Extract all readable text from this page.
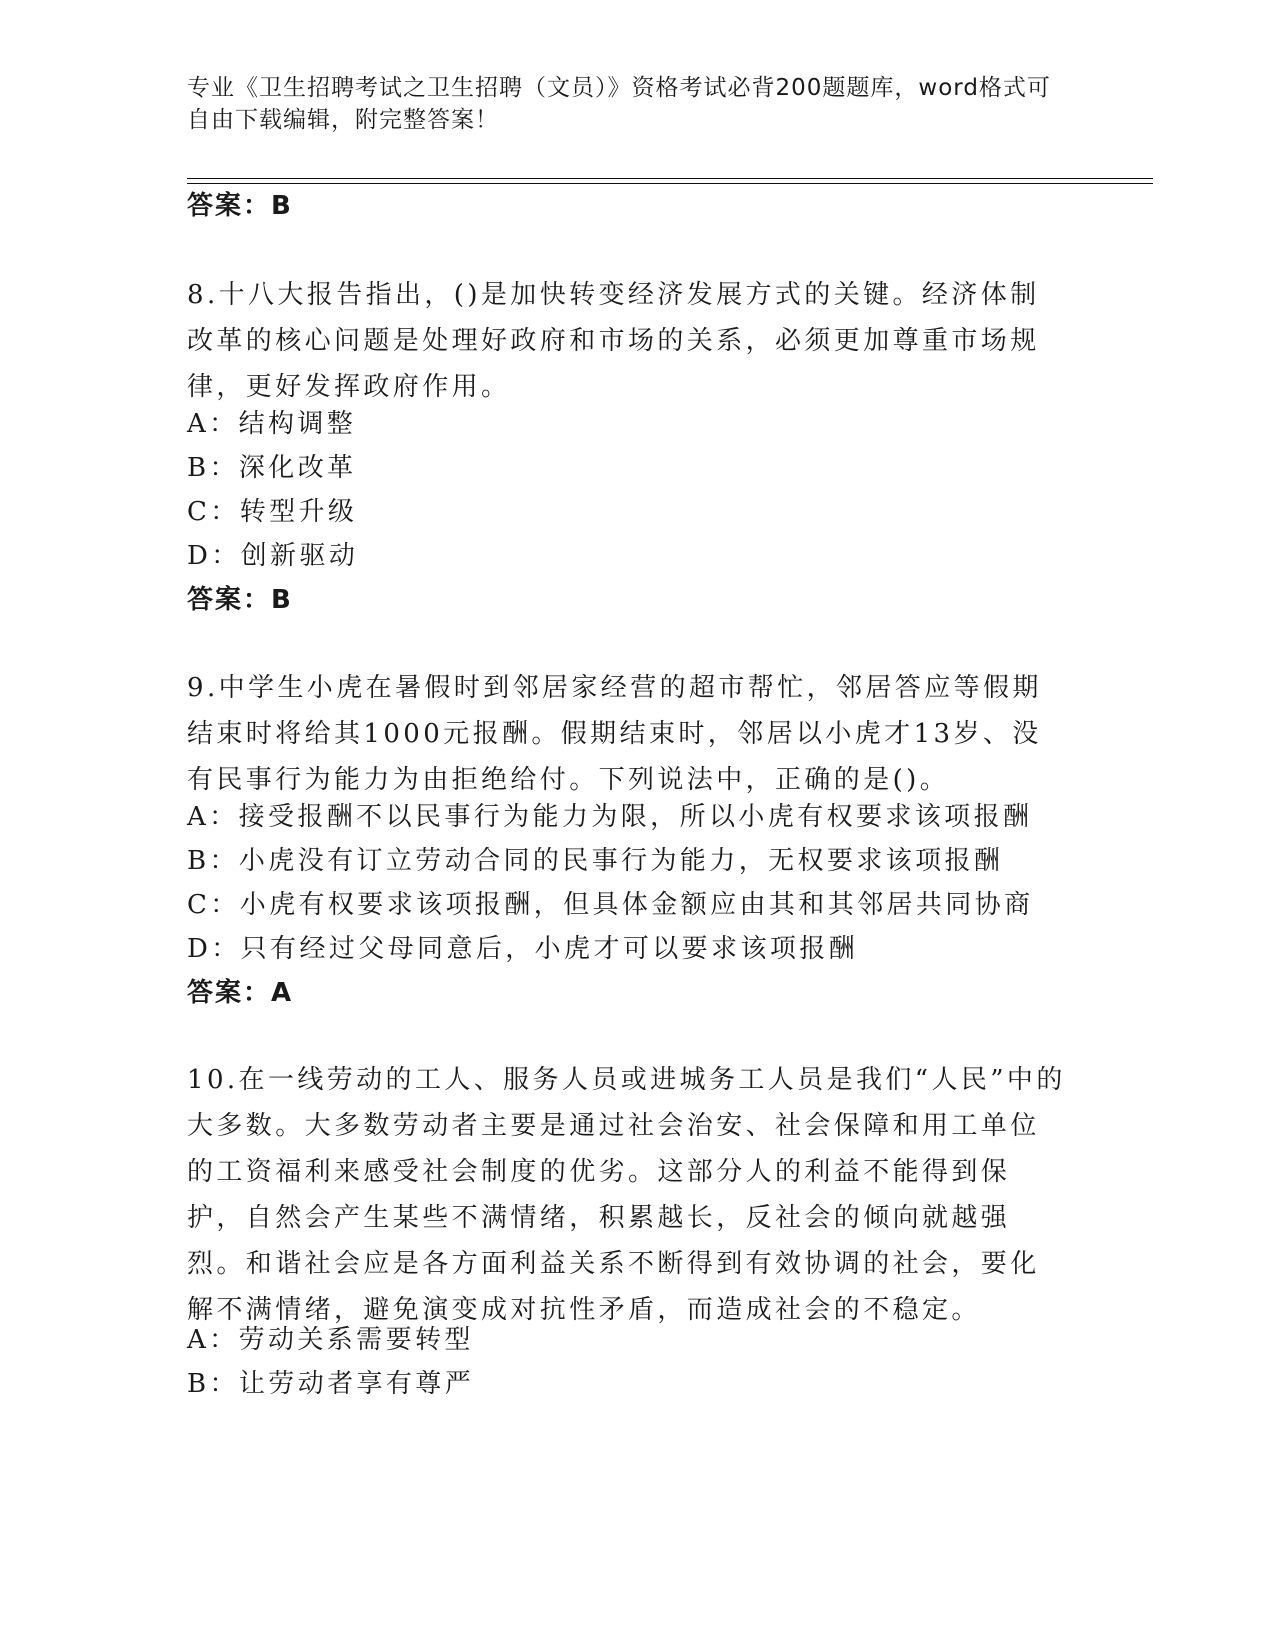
专业《卫生招聘考试之卫生招聘（文员）》资格考试必背200题题库，word格式可自由下载编辑，附完整答案！
答案：B
8.十八大报告指出，()是加快转变经济发展方式的关键。经济体制改革的核心问题是处理好政府和市场的关系，必须更加尊重市场规律，更好发挥政府作用。
A：结构调整
B：深化改革
C：转型升级
D：创新驱动
答案：B
9.中学生小虎在暑假时到邻居家经营的超市帮忙，邻居答应等假期结束时将给其1000元报酬。假期结束时，邻居以小虎才13岁、没有民事行为能力为由拒绝给付。下列说法中，正确的是()。
A：接受报酬不以民事行为能力为限，所以小虎有权要求该项报酬
B：小虎没有订立劳动合同的民事行为能力，无权要求该项报酬
C：小虎有权要求该项报酬，但具体金额应由其和其邻居共同协商
D：只有经过父母同意后，小虎才可以要求该项报酬
答案：A
10.在一线劳动的工人、服务人员或进城务工人员是我们“人民”中的大多数。大多数劳动者主要是通过社会治安、社会保障和用工单位的工资福利来感受社会制度的优劣。这部分人的利益不能得到保护，自然会产生某些不满情绪，积累越长，反社会的倾向就越强烈。和谐社会应是各方面利益关系不断得到有效协调的社会，要化解不满情绪，避免演变成对抗性矛盾，而造成社会的不稳定。
A：劳动关系需要转型
B：让劳动者享有尊严
